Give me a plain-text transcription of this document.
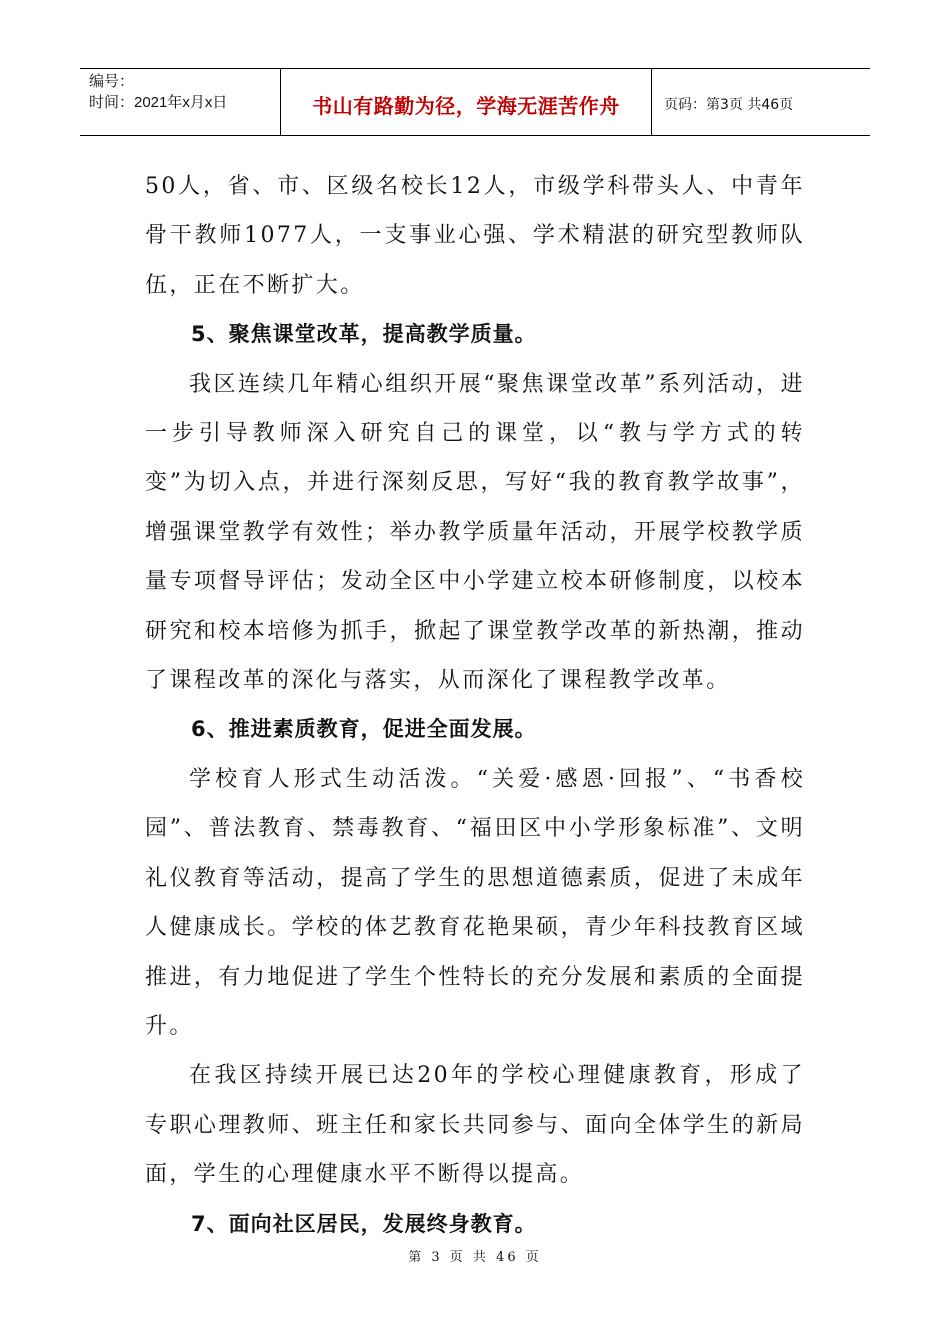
编号：
时间：2021年x月x日	书山有路勤为径，学海无涯苦作舟	页码：第3页 共46页

50人，省、市、区级名校长12人，市级学科带头人、中青年骨干教师1077人，一支事业心强、学术精湛的研究型教师队伍，正在不断扩大。

5、聚焦课堂改革，提高教学质量。

我区连续几年精心组织开展“聚焦课堂改革”系列活动，进一步引导教师深入研究自己的课堂，以“教与学方式的转变”为切入点，并进行深刻反思，写好“我的教育教学故事”，增强课堂教学有效性；举办教学质量年活动，开展学校教学质量专项督导评估；发动全区中小学建立校本研修制度，以校本研究和校本培修为抓手，掀起了课堂教学改革的新热潮，推动了课程改革的深化与落实，从而深化了课程教学改革。

6、推进素质教育，促进全面发展。

学校育人形式生动活泼。“关爱·感恩·回报”、“书香校园”、普法教育、禁毒教育、“福田区中小学形象标准”、文明礼仪教育等活动，提高了学生的思想道德素质，促进了未成年人健康成长。学校的体艺教育花艳果硕，青少年科技教育区域推进，有力地促进了学生个性特长的充分发展和素质的全面提升。

在我区持续开展已达20年的学校心理健康教育，形成了专职心理教师、班主任和家长共同参与、面向全体学生的新局面，学生的心理健康水平不断得以提高。

7、面向社区居民，发展终身教育。

第 3 页 共 46 页
